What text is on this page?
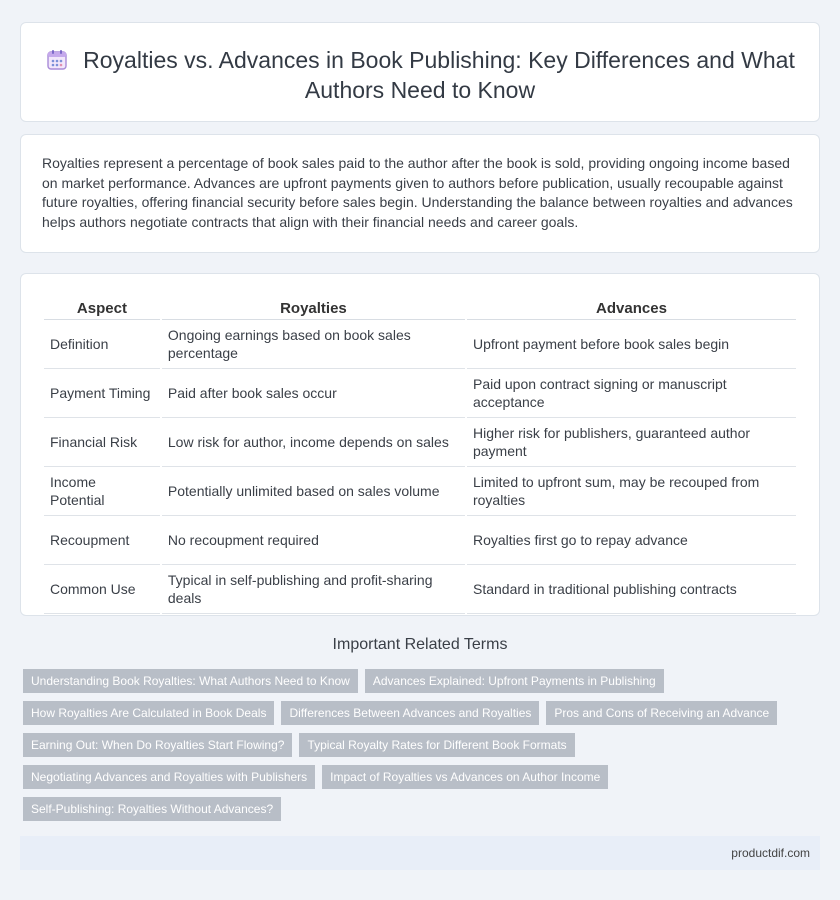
Royalties vs. Advances in Book Publishing: Key Differences and What Authors Need to Know

Royalties represent a percentage of book sales paid to the author after the book is sold, providing ongoing income based on market performance. Advances are upfront payments given to authors before publication, usually recoupable against future royalties, offering financial security before sales begin. Understanding the balance between royalties and advances helps authors negotiate contracts that align with their financial needs and career goals.

Aspect	Royalties	Advances
Definition	Ongoing earnings based on book sales percentage	Upfront payment before book sales begin
Payment Timing	Paid after book sales occur	Paid upon contract signing or manuscript acceptance
Financial Risk	Low risk for author, income depends on sales	Higher risk for publishers, guaranteed author payment
Income Potential	Potentially unlimited based on sales volume	Limited to upfront sum, may be recouped from royalties
Recoupment	No recoupment required	Royalties first go to repay advance
Common Use	Typical in self-publishing and profit-sharing deals	Standard in traditional publishing contracts
Important Related Terms
Understanding Book Royalties: What Authors Need to Know	Advances Explained: Upfront Payments in Publishing
How Royalties Are Calculated in Book Deals	Differences Between Advances and Royalties	Pros and Cons of Receiving an Advance
Earning Out: When Do Royalties Start Flowing?	Typical Royalty Rates for Different Book Formats
Negotiating Advances and Royalties with Publishers	Impact of Royalties vs Advances on Author Income
Self-Publishing: Royalties Without Advances?
productdif.com
